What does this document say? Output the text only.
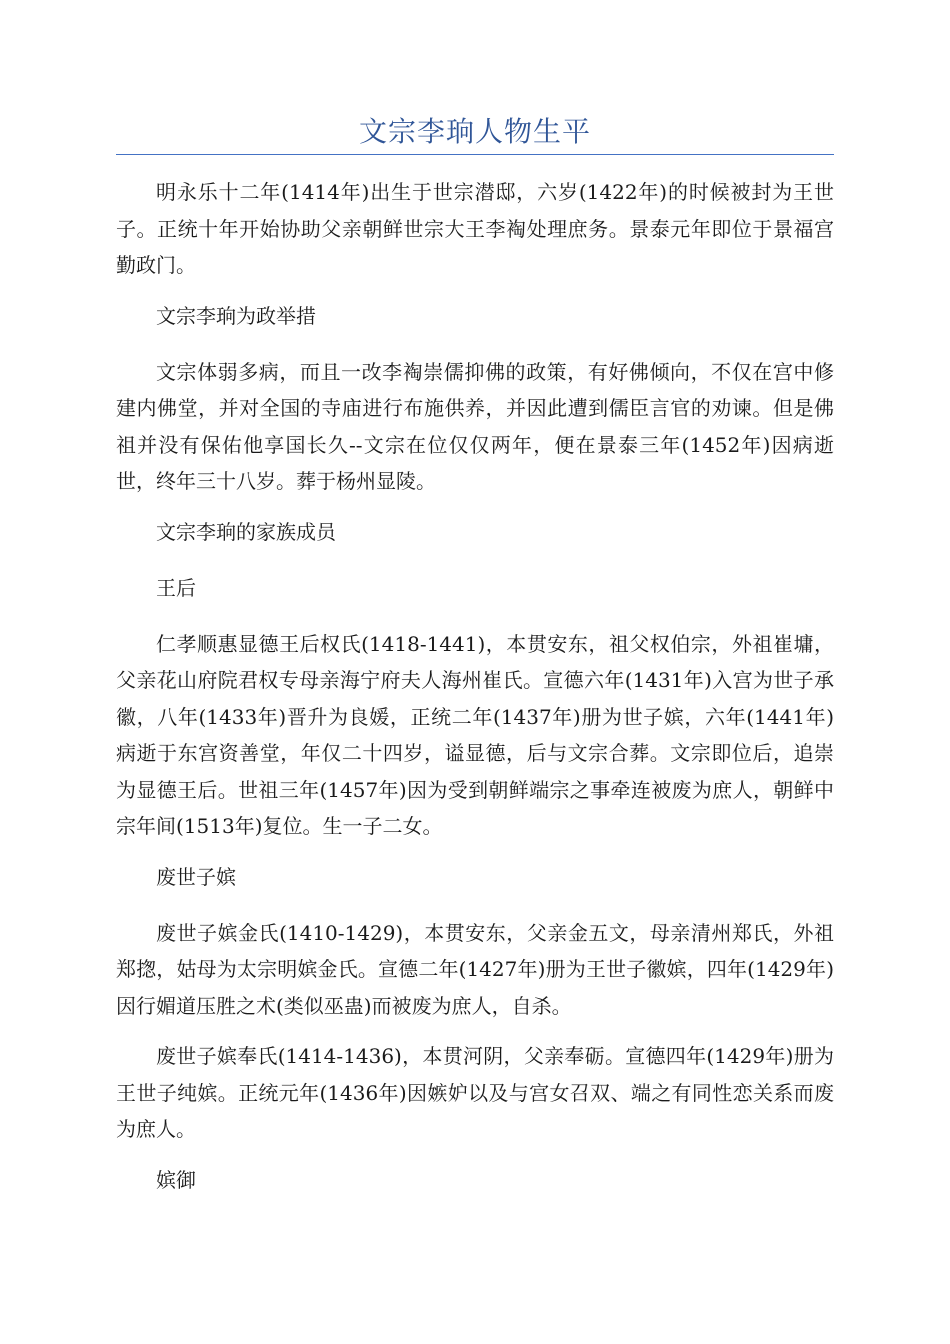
文宗李珦人物生平

明永乐十二年(1414年)出生于世宗潜邸，六岁(1422年)的时候被封为王世子。正统十年开始协助父亲朝鲜世宗大王李裪处理庶务。景泰元年即位于景福宫勤政门。

文宗李珦为政举措

文宗体弱多病，而且一改李裪崇儒抑佛的政策，有好佛倾向，不仅在宫中修建内佛堂，并对全国的寺庙进行布施供养，并因此遭到儒臣言官的劝谏。但是佛祖并没有保佑他享国长久--文宗在位仅仅两年，便在景泰三年(1452年)因病逝世，终年三十八岁。葬于杨州显陵。

文宗李珦的家族成员

王后

仁孝顺惠显德王后权氏(1418-1441)，本贯安东，祖父权伯宗，外祖崔墉，父亲花山府院君权专母亲海宁府夫人海州崔氏。宣德六年(1431年)入宫为世子承徽，八年(1433年)晋升为良媛，正统二年(1437年)册为世子嫔，六年(1441年)病逝于东宫资善堂，年仅二十四岁，谥显德，后与文宗合葬。文宗即位后，追崇为显德王后。世祖三年(1457年)因为受到朝鲜端宗之事牵连被废为庶人，朝鲜中宗年间(1513年)复位。生一子二女。

废世子嫔

废世子嫔金氏(1410-1429)，本贯安东，父亲金五文，母亲清州郑氏，外祖郑揔，姑母为太宗明嫔金氏。宣德二年(1427年)册为王世子徽嫔，四年(1429年)因行媚道压胜之术(类似巫蛊)而被废为庶人，自杀。

废世子嫔奉氏(1414-1436)，本贯河阴，父亲奉砺。宣德四年(1429年)册为王世子纯嫔。正统元年(1436年)因嫉妒以及与宫女召双、端之有同性恋关系而废为庶人。

嫔御
